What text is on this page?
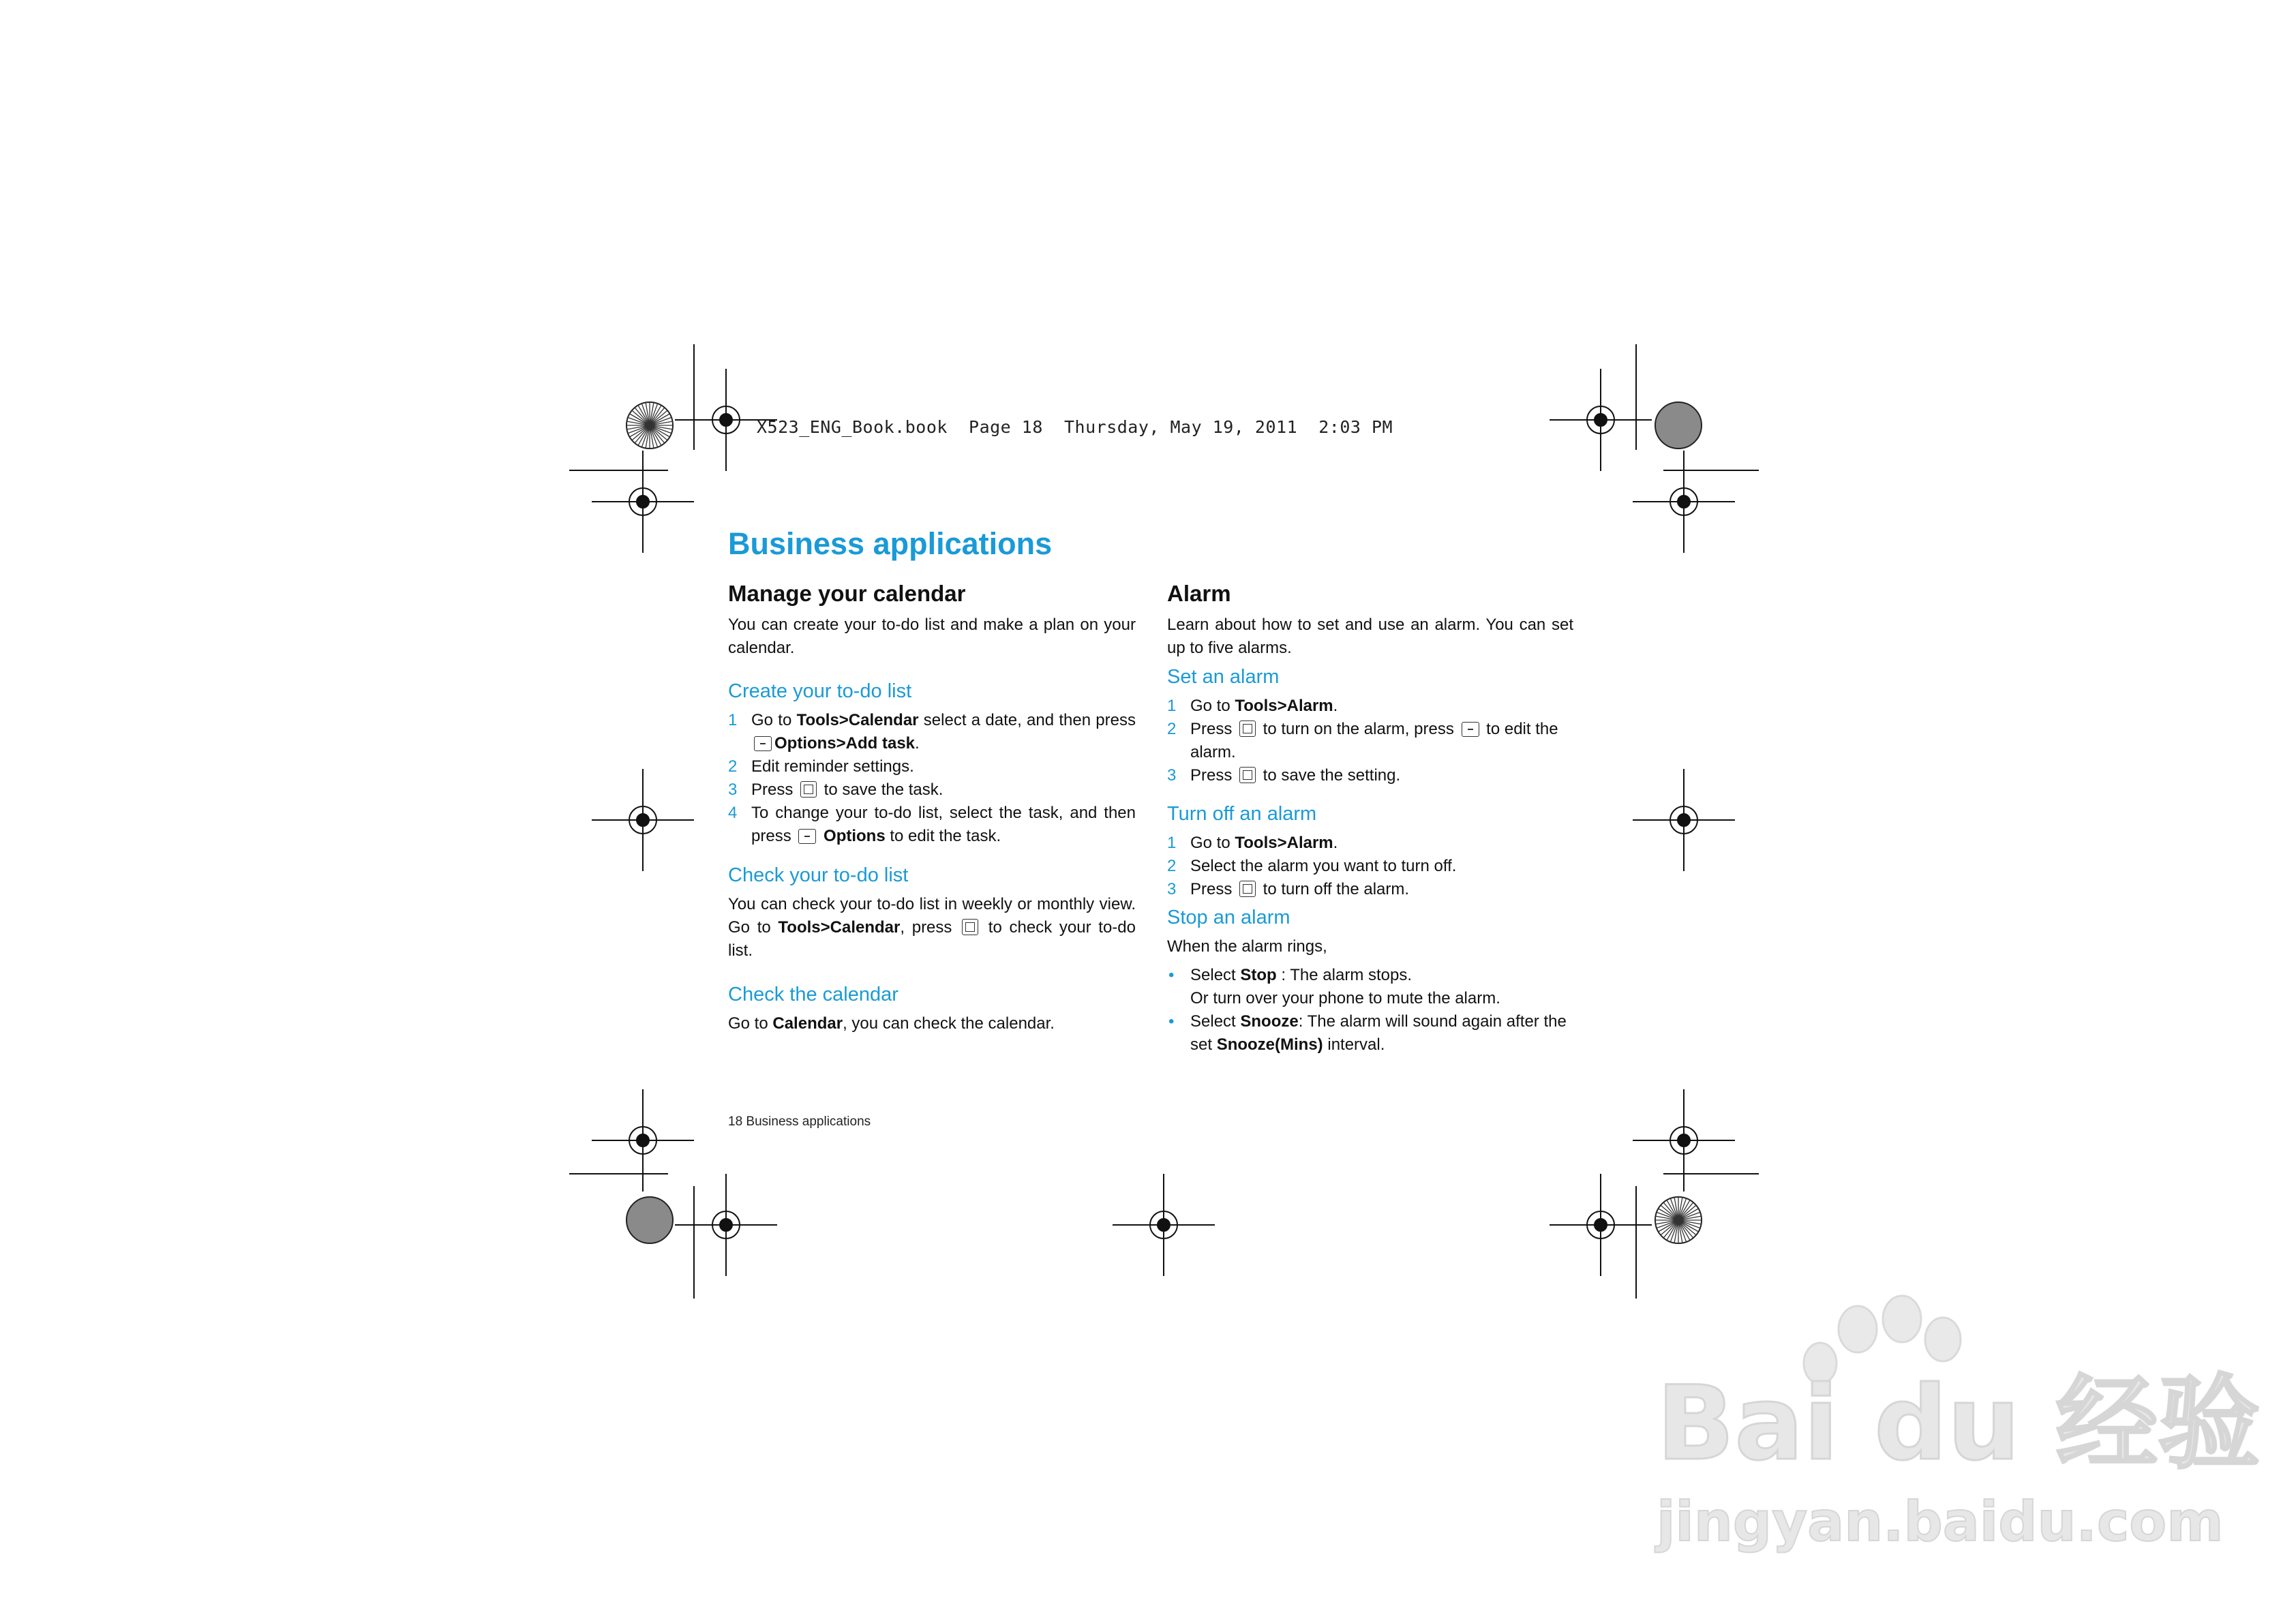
X523_ENG_Book.book  Page 18  Thursday, May 19, 2011  2:03 PM
Business applications
Manage your calendar
You can create your to-do list and make a plan on your calendar.
Create your to-do list
1 Go to Tools>Calendar select a date, and then press Options>Add task.
2 Edit reminder settings.
3 Press  to save the task.
4 To change your to-do list, select the task, and then press  Options to edit the task.
Check your to-do list
You can check your to-do list in weekly or monthly view. Go to Tools>Calendar, press  to check your to-do list.
Check the calendar
Go to Calendar, you can check the calendar.
Alarm
Learn about how to set and use an alarm. You can set up to five alarms.
Set an alarm
1 Go to Tools>Alarm.
2 Press  to turn on the alarm, press  to edit the alarm.
3 Press  to save the setting.
Turn off an alarm
1 Go to Tools>Alarm.
2 Select the alarm you want to turn off.
3 Press  to turn off the alarm.
Stop an alarm
When the alarm rings,
• Select Stop : The alarm stops.
Or turn over your phone to mute the alarm.
• Select Snooze: The alarm will sound again after the set Snooze(Mins) interval.
18 Business applications
Bai du 经验
jingyan.baidu.com
